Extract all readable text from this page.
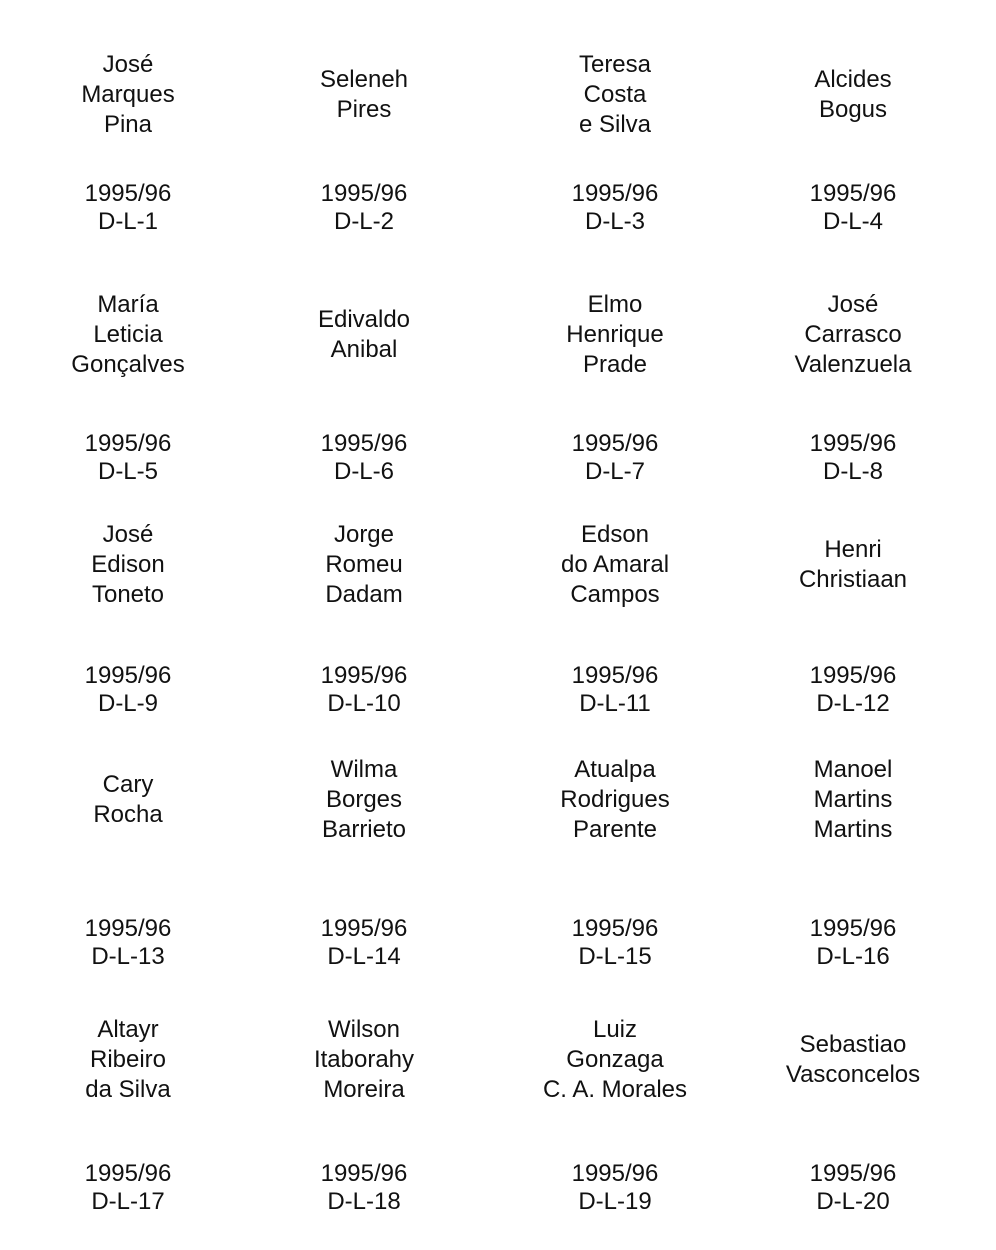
José
Marques
Pina
1995/96
D-L-1
Seleneh
Pires
1995/96
D-L-2
Teresa
Costa
e Silva
1995/96
D-L-3
Alcides
Bogus
1995/96
D-L-4
María
Leticia
Gonçalves
1995/96
D-L-5
Edivaldo
Anibal
1995/96
D-L-6
Elmo
Henrique
Prade
1995/96
D-L-7
José
Carrasco
Valenzuela
1995/96
D-L-8
José
Edison
Toneto
1995/96
D-L-9
Jorge
Romeu
Dadam
1995/96
D-L-10
Edson
do Amaral
Campos
1995/96
D-L-11
Henri
Christiaan
1995/96
D-L-12
Cary
Rocha
1995/96
D-L-13
Wilma
Borges
Barrieto
1995/96
D-L-14
Atualpa
Rodrigues
Parente
1995/96
D-L-15
Manoel
Martins
Martins
1995/96
D-L-16
Altayr
Ribeiro
da Silva
1995/96
D-L-17
Wilson
Itaborahy
Moreira
1995/96
D-L-18
Luiz
Gonzaga
C. A. Morales
1995/96
D-L-19
Sebastiao
Vasconcelos
1995/96
D-L-20
